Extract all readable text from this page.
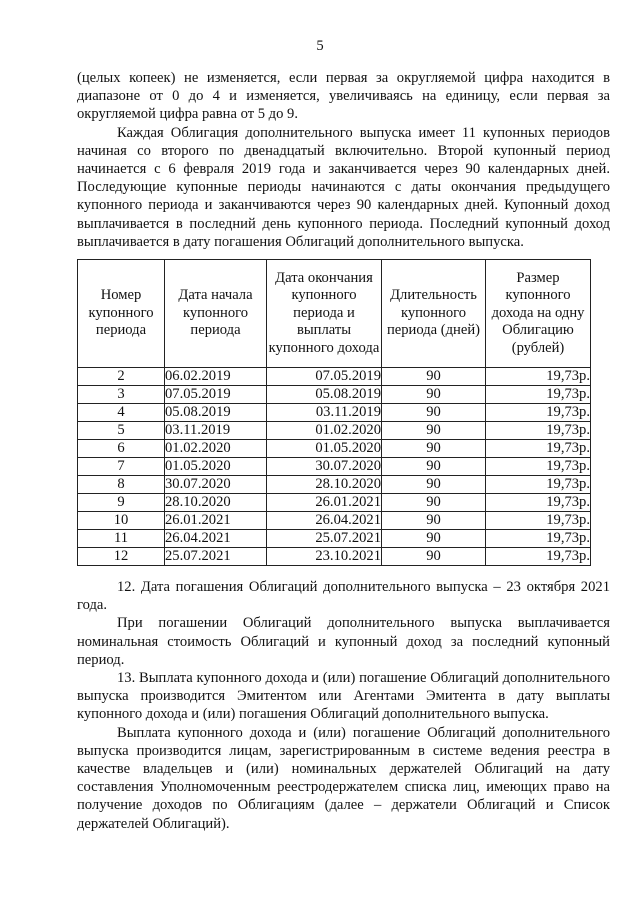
5

(целых копеек) не изменяется, если первая за округляемой цифра находится в диапазоне от 0 до 4 и изменяется, увеличиваясь на единицу, если первая за округляемой цифра равна от 5 до 9.

Каждая Облигация дополнительного выпуска имеет 11 купонных периодов начиная со второго по двенадцатый включительно. Второй купонный период начинается с 6 февраля 2019 года и заканчивается через 90 календарных дней. Последующие купонные периоды начинаются с даты окончания предыдущего купонного периода и заканчиваются через 90 календарных дней. Купонный доход выплачивается в последний день купонного периода. Последний купонный доход выплачивается в дату погашения Облигаций дополнительного выпуска.

Номер купонного периода	Дата начала купонного периода	Дата окончания купонного периода и выплаты купонного дохода	Длительность купонного периода (дней)	Размер купонного дохода на одну Облигацию (рублей)
2	06.02.2019	07.05.2019	90	19,73р.
3	07.05.2019	05.08.2019	90	19,73р.
4	05.08.2019	03.11.2019	90	19,73р.
5	03.11.2019	01.02.2020	90	19,73р.
6	01.02.2020	01.05.2020	90	19,73р.
7	01.05.2020	30.07.2020	90	19,73р.
8	30.07.2020	28.10.2020	90	19,73р.
9	28.10.2020	26.01.2021	90	19,73р.
10	26.01.2021	26.04.2021	90	19,73р.
11	26.04.2021	25.07.2021	90	19,73р.
12	25.07.2021	23.10.2021	90	19,73р.

12. Дата погашения Облигаций дополнительного выпуска – 23 октября 2021 года.

При погашении Облигаций дополнительного выпуска выплачивается номинальная стоимость Облигаций и купонный доход за последний купонный период.

13. Выплата купонного дохода и (или) погашение Облигаций дополнительного выпуска производится Эмитентом или Агентами Эмитента в дату выплаты купонного дохода и (или) погашения Облигаций дополнительного выпуска.

Выплата купонного дохода и (или) погашение Облигаций дополнительного выпуска производится лицам, зарегистрированным в системе ведения реестра в качестве владельцев и (или) номинальных держателей Облигаций на дату составления Уполномоченным реестродержателем списка лиц, имеющих право на получение доходов по Облигациям (далее – держатели Облигаций и Список держателей Облигаций).
